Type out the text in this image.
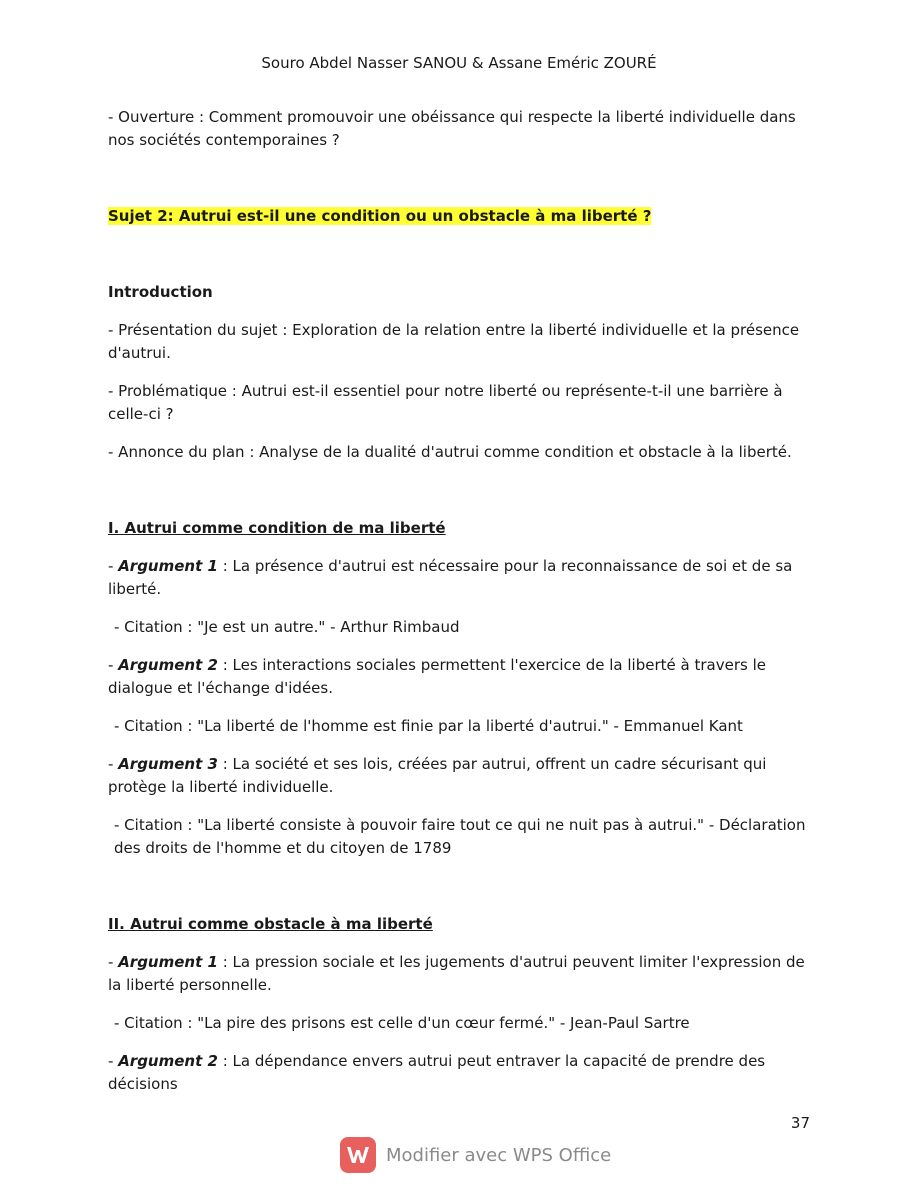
Souro Abdel Nasser SANOU & Assane Eméric ZOURÉ

- Ouverture : Comment promouvoir une obéissance qui respecte la liberté individuelle dans nos sociétés contemporaines ?

Sujet 2: Autrui est-il une condition ou un obstacle à ma liberté ?

Introduction

- Présentation du sujet : Exploration de la relation entre la liberté individuelle et la présence d'autrui.

- Problématique : Autrui est-il essentiel pour notre liberté ou représente-t-il une barrière à celle-ci ?

- Annonce du plan : Analyse de la dualité d'autrui comme condition et obstacle à la liberté.

I. Autrui comme condition de ma liberté

- Argument 1 : La présence d'autrui est nécessaire pour la reconnaissance de soi et de sa liberté.

- Citation : "Je est un autre." - Arthur Rimbaud

- Argument 2 : Les interactions sociales permettent l'exercice de la liberté à travers le dialogue et l'échange d'idées.

- Citation : "La liberté de l'homme est finie par la liberté d'autrui." - Emmanuel Kant

- Argument 3 : La société et ses lois, créées par autrui, offrent un cadre sécurisant qui protège la liberté individuelle.

- Citation : "La liberté consiste à pouvoir faire tout ce qui ne nuit pas à autrui." - Déclaration des droits de l'homme et du citoyen de 1789

II. Autrui comme obstacle à ma liberté

- Argument 1 : La pression sociale et les jugements d'autrui peuvent limiter l'expression de la liberté personnelle.

- Citation : "La pire des prisons est celle d'un cœur fermé." - Jean-Paul Sartre

- Argument 2 : La dépendance envers autrui peut entraver la capacité de prendre des décisions

37
Modifier avec WPS Office
